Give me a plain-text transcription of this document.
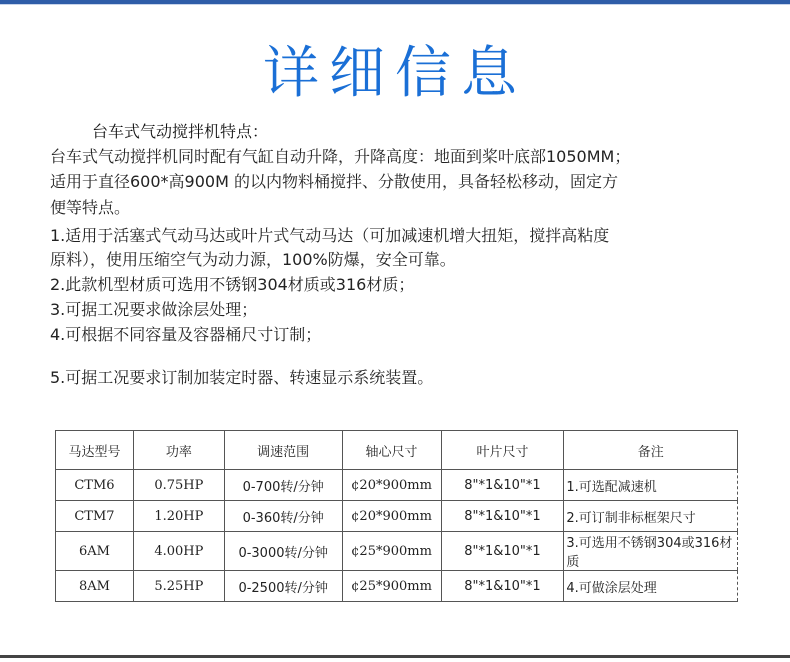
详细信息
台车式气动搅拌机特点：
台车式气动搅拌机同时配有气缸自动升降，升降高度：地面到桨叶底部1050MM；
适用于直径600*高900M 的以内物料桶搅拌、分散使用，具备轻松移动，固定方
便等特点。
1.适用于活塞式气动马达或叶片式气动马达（可加减速机增大扭矩，搅拌高粘度
原料），使用压缩空气为动力源，100%防爆，安全可靠。
2.此款机型材质可选用不锈钢304材质或316材质；
3.可据工况要求做涂层处理；
4.可根据不同容量及容器桶尺寸订制；
5.可据工况要求订制加装定时器、转速显示系统装置。
马达型号	功率	调速范围	轴心尺寸	叶片尺寸	备注
CTM6	0.75HP	0-700转/分钟	¢20*900mm	8"*1&10"*1	1.可选配减速机
CTM7	1.20HP	0-360转/分钟	¢20*900mm	8"*1&10"*1	2.可订制非标框架尺寸
6AM	4.00HP	0-3000转/分钟	¢25*900mm	8"*1&10"*1	3.可选用不锈钢304或316材质
8AM	5.25HP	0-2500转/分钟	¢25*900mm	8"*1&10"*1	4.可做涂层处理
